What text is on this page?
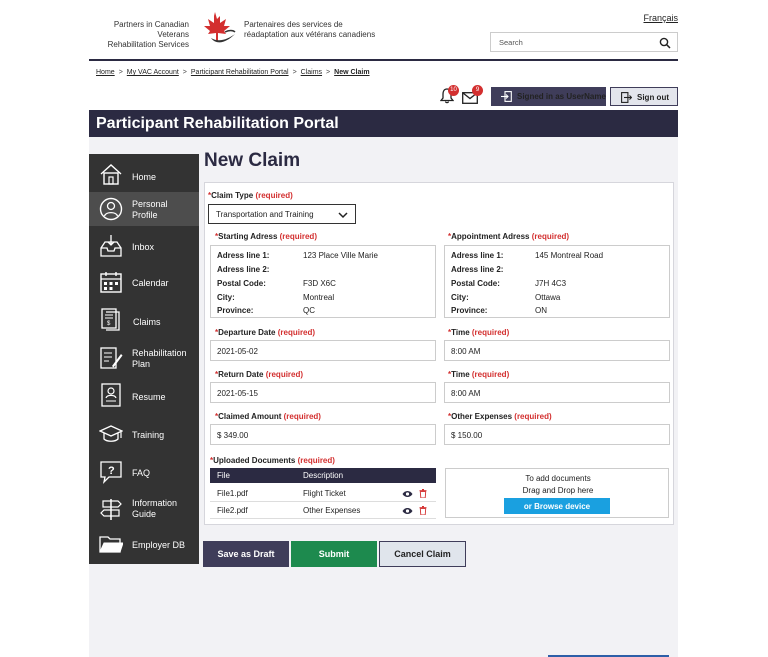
Partners in Canadian Veterans
Rehabilitation Services
Partenaires des services de
réadaptation aux vétérans canadiens
Français
Search
Home > My VAC Account > Participant Rehabilitation Portal > Claims > New Claim
10	9
Signed in as UserName	Sign out
Participant Rehabilitation Portal
Home
Personal
Profile
Inbox
Calendar
$	Claims
Rehabilitation
Plan
Resume
Training
? FAQ
Information
Guide
Employer DB
New Claim
*Claim Type (required)
Transportation and Training
*Starting Adress (required)
Adress line 1:	123 Place Ville Marie
Adress line 2:
Postal Code:	F3D X6C
City:	Montreal
Province:	QC
*Appointment Adress (required)
Adress line 1:	145 Montreal Road
Adress line 2:
Postal Code:	J7H 4C3
City:	Ottawa
Province:	ON
*Departure Date (required)
2021-05-02
*Time (required)
8:00 AM
*Return Date (required)
2021-05-15
*Time (required)
8:00 AM
*Claimed Amount (required)
$ 349.00
*Other Expenses (required)
$ 150.00
*Uploaded Documents (required)
File	Description
File1.pdf	Flight Ticket
File2.pdf	Other Expenses
To add documents
Drag and Drop here
or Browse device
Save as Draft	Submit	Cancel Claim
